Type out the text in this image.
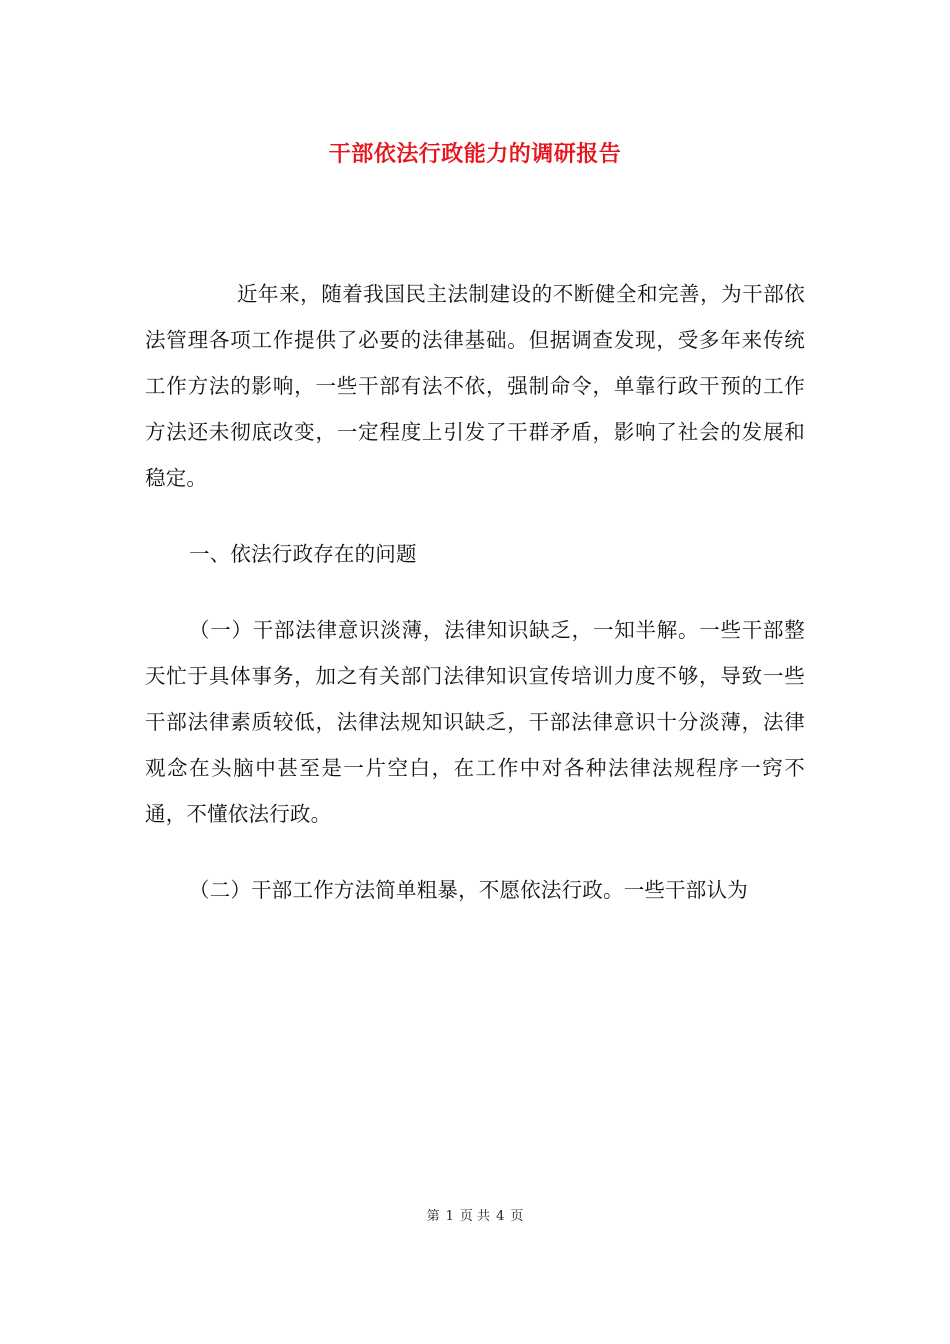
干部依法行政能力的调研报告

近年来，随着我国民主法制建设的不断健全和完善，为干部依法管理各项工作提供了必要的法律基础。但据调查发现，受多年来传统工作方法的影响，一些干部有法不依，强制命令，单靠行政干预的工作方法还未彻底改变，一定程度上引发了干群矛盾，影响了社会的发展和稳定。

一、依法行政存在的问题

（一）干部法律意识淡薄，法律知识缺乏，一知半解。一些干部整天忙于具体事务，加之有关部门法律知识宣传培训力度不够，导致一些干部法律素质较低，法律法规知识缺乏，干部法律意识十分淡薄，法律观念在头脑中甚至是一片空白，在工作中对各种法律法规程序一窍不通，不懂依法行政。

（二）干部工作方法简单粗暴，不愿依法行政。一些干部认为

第 1 页 共 4 页
